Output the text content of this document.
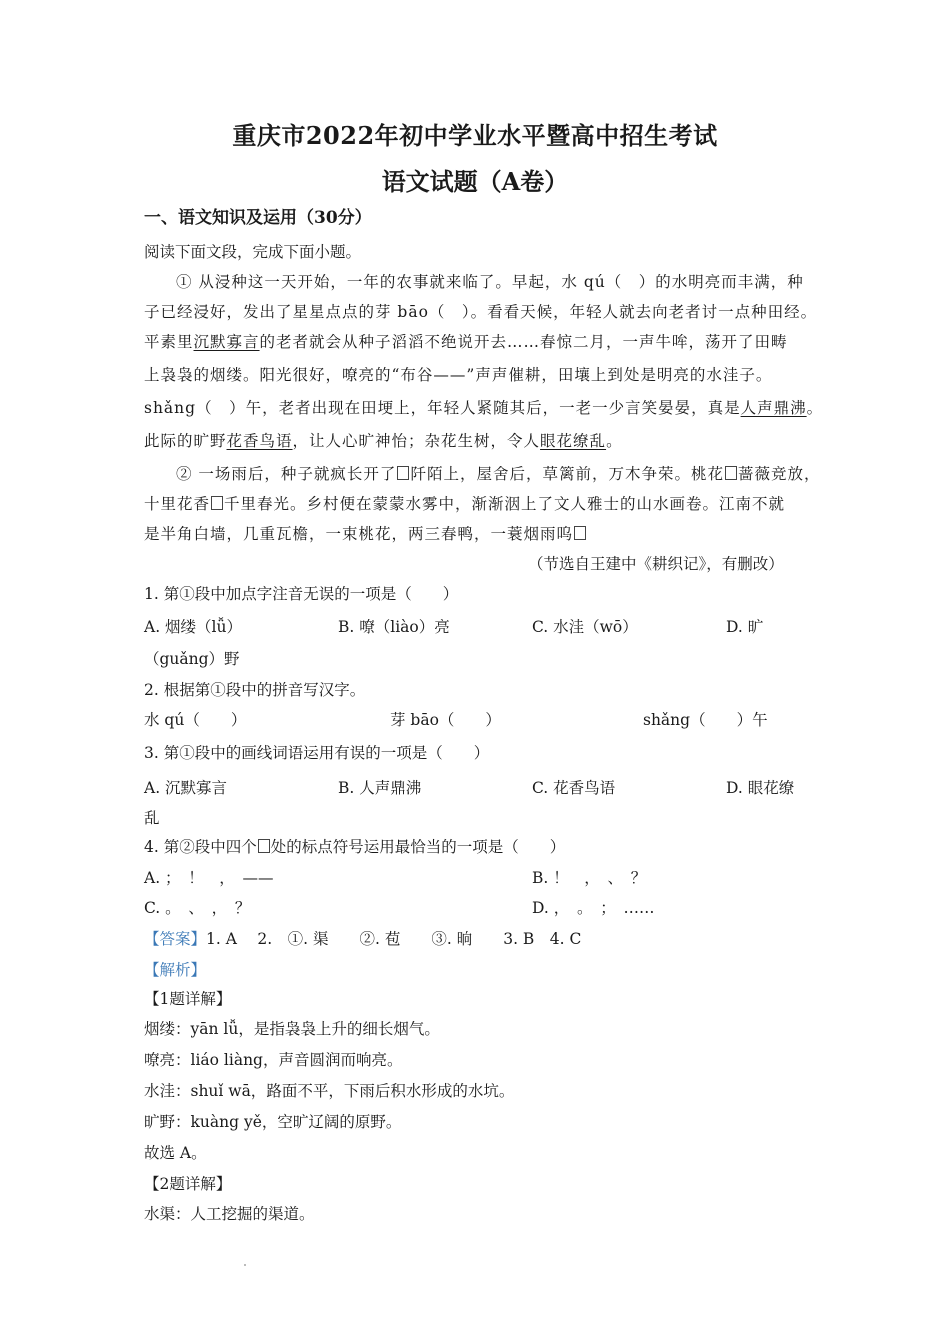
重庆市2022年初中学业水平暨高中招生考试
语文试题（A卷）
一、语文知识及运用（30分）
阅读下面文段，完成下面小题。
① 从浸种这一天开始，一年的农事就来临了。早起，水 qú（　）的水明亮而丰满，种
子已经浸好，发出了星星点点的芽 bāo（　）。看看天候，年轻人就去向老者讨一点种田经。
平素里沉默寡言的老者就会从种子滔滔不绝说开去……春惊二月，一声牛哞，荡开了田畴
上袅袅的烟缕。阳光很好，嘹亮的“布谷——”声声催耕，田壤上到处是明亮的水洼子。
shǎng（　）午，老者出现在田埂上，年轻人紧随其后，一老一少言笑晏晏，真是人声鼎沸。
此际的旷野花香鸟语，让人心旷神怡；杂花生树，令人眼花缭乱。
② 一场雨后，种子就疯长开了 阡陌上，屋舍后，草篱前，万木争荣。桃花 蔷薇竞放，
十里花香 千里春光。乡村便在蒙蒙水雾中，渐渐洇上了文人雅士的山水画卷。江南不就
是半角白墙，几重瓦檐，一束桃花，两三春鸭，一蓑烟雨呜
（节选自王建中《耕织记》，有删改）
1. 第①段中加点字注音无误的一项是（　　）
A. 烟缕（lǚ）	B. 嘹（liào）亮	C. 水洼（wō）	D. 旷
（guǎng）野
2. 根据第①段中的拼音写汉字。
水 qú（　　）	芽 bāo（　　）	shǎng（　　）午
3. 第①段中的画线词语运用有误的一项是（　　）
A. 沉默寡言	B. 人声鼎沸	C. 花香鸟语	D. 眼花缭
乱
4. 第②段中四个 处的标点符号运用最恰当的一项是（　　）
A. ；　！　，　——	B. ！　，　、　？
C. 。　、　，　？	D. ，　。　；　……
【答案】1. A　 2.　①. 渠　　②. 苞　　③. 晌　　3. B　4. C
【解析】
【1题详解】
烟缕：yān lǚ，是指袅袅上升的细长烟气。
嘹亮：liáo liàng，声音圆润而响亮。
水洼：shuǐ wā，路面不平，下雨后积水形成的水坑。
旷野：kuàng yě，空旷辽阔的原野。
故选 A。
【2题详解】
水渠：人工挖掘的渠道。
